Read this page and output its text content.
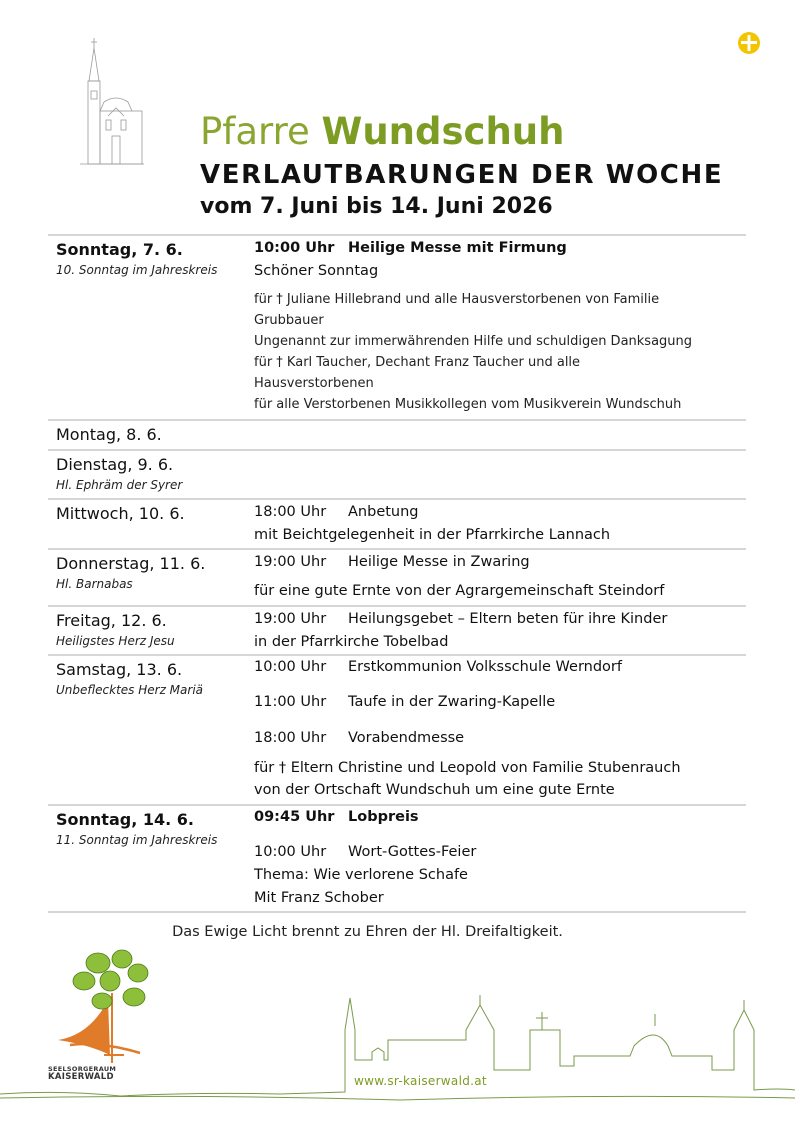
Pfarre Wundschuh
VERLAUTBARUNGEN DER WOCHE
vom 7. Juni bis 14. Juni 2026
Sonntag, 7. 6.
10. Sonntag im Jahreskreis
10:00 Uhr Heilige Messe mit Firmung
Schöner Sonntag
für † Juliane Hillebrand und alle Hausverstorbenen von Familie
Grubbauer
Ungenannt zur immerwährenden Hilfe und schuldigen Danksagung
für † Karl Taucher, Dechant Franz Taucher und alle
Hausverstorbenen
für alle Verstorbenen Musikkollegen vom Musikverein Wundschuh
Montag, 8. 6.
Dienstag, 9. 6.
Hl. Ephräm der Syrer
Mittwoch, 10. 6.	18:00 Uhr Anbetung
mit Beichtgelegenheit in der Pfarrkirche Lannach
Donnerstag, 11. 6.
Hl. Barnabas
19:00 Uhr Heilige Messe in Zwaring
für eine gute Ernte von der Agrargemeinschaft Steindorf
Freitag, 12. 6.
Heiligstes Herz Jesu
19:00 Uhr Heilungsgebet – Eltern beten für ihre Kinder
in der Pfarrkirche Tobelbad
Samstag, 13. 6.
Unbeflecktes Herz Mariä
10:00 Uhr Erstkommunion Volksschule Werndorf
11:00 Uhr Taufe in der Zwaring-Kapelle
18:00 Uhr Vorabendmesse
für † Eltern Christine und Leopold von Familie Stubenrauch
von der Ortschaft Wundschuh um eine gute Ernte
Sonntag, 14. 6.
11. Sonntag im Jahreskreis
09:45 Uhr Lobpreis
10:00 Uhr Wort-Gottes-Feier
Thema: Wie verlorene Schafe
Mit Franz Schober
Das Ewige Licht brennt zu Ehren der Hl. Dreifaltigkeit.
SEELSORGERAUM
KAISERWALD	www.sr-kaiserwald.at
